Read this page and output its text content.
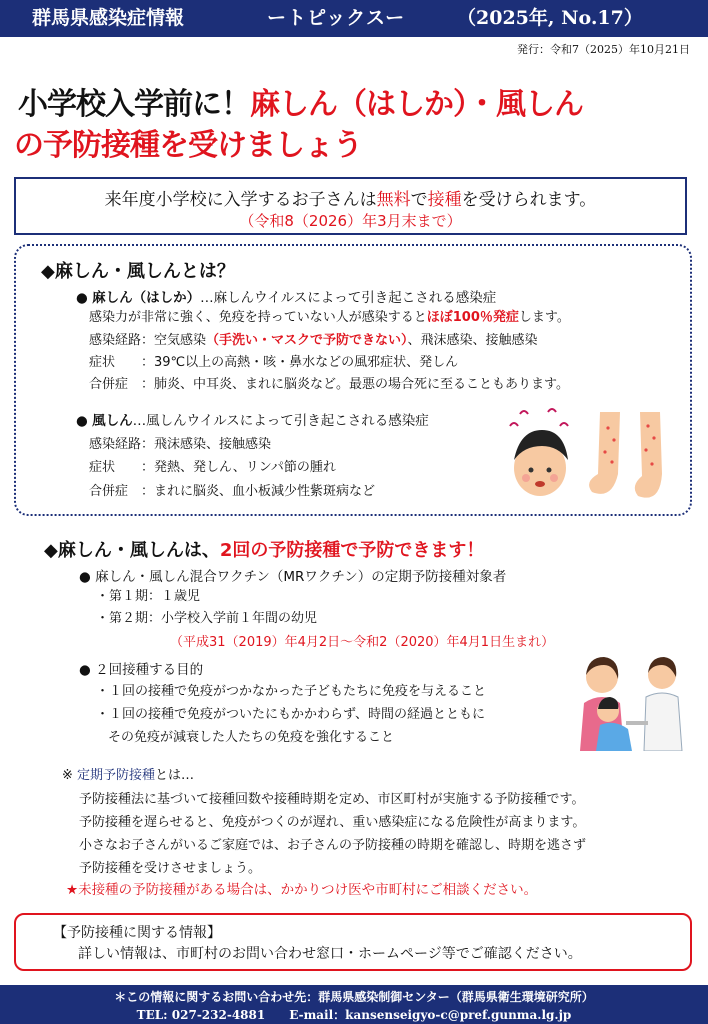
群馬県感染症情報	ートピックスー	（2025年, No.17）
発行：令和7（2025）年10月21日
小学校入学前に！麻しん（はしか）・風しん
の予防接種を受けましょう
来年度小学校に入学するお子さんは無料で接種を受けられます。
（令和8（2026）年3月末まで）
◆麻しん・風しんとは？
● 麻しん（はしか）…麻しんウイルスによって引き起こされる感染症
感染力が非常に強く、免疫を持っていない人が感染するとほぼ100％発症します。
感染経路：空気感染（手洗い・マスクで予防できない）、飛沫感染、接触感染
症状　　：39℃以上の高熱・咳・鼻水などの風邪症状、発しん
合併症　：肺炎、中耳炎、まれに脳炎など。最悪の場合死に至ることもあります。
● 風しん…風しんウイルスによって引き起こされる感染症
感染経路：飛沫感染、接触感染
症状　　：発熱、発しん、リンパ節の腫れ
合併症　：まれに脳炎、血小板減少性紫斑病など
◆麻しん・風しんは、2回の予防接種で予防できます！
● 麻しん・風しん混合ワクチン（MRワクチン）の定期予防接種対象者
・第１期：１歳児
・第２期：小学校入学前１年間の幼児
（平成31（2019）年4月2日～令和2（2020）年4月1日生まれ）
● ２回接種する目的
・１回の接種で免疫がつかなかった子どもたちに免疫を与えること
・１回の接種で免疫がついたにもかかわらず、時間の経過とともに
その免疫が減衰した人たちの免疫を強化すること
※ 定期予防接種とは…
予防接種法に基づいて接種回数や接種時期を定め、市区町村が実施する予防接種です。
予防接種を遅らせると、免疫がつくのが遅れ、重い感染症になる危険性が高まります。
小さなお子さんがいるご家庭では、お子さんの予防接種の時期を確認し、時期を逃さず
予防接種を受けさせましょう。
★未接種の予防接種がある場合は、かかりつけ医や市町村にご相談ください。
【予防接種に関する情報】
詳しい情報は、市町村のお問い合わせ窓口・ホームページ等でご確認ください。
＊この情報に関するお問い合わせ先：群馬県感染制御センター（群馬県衛生環境研究所）
TEL: 027-232-4881　　E-mail：kansenseigyo-c@pref.gunma.lg.jp
